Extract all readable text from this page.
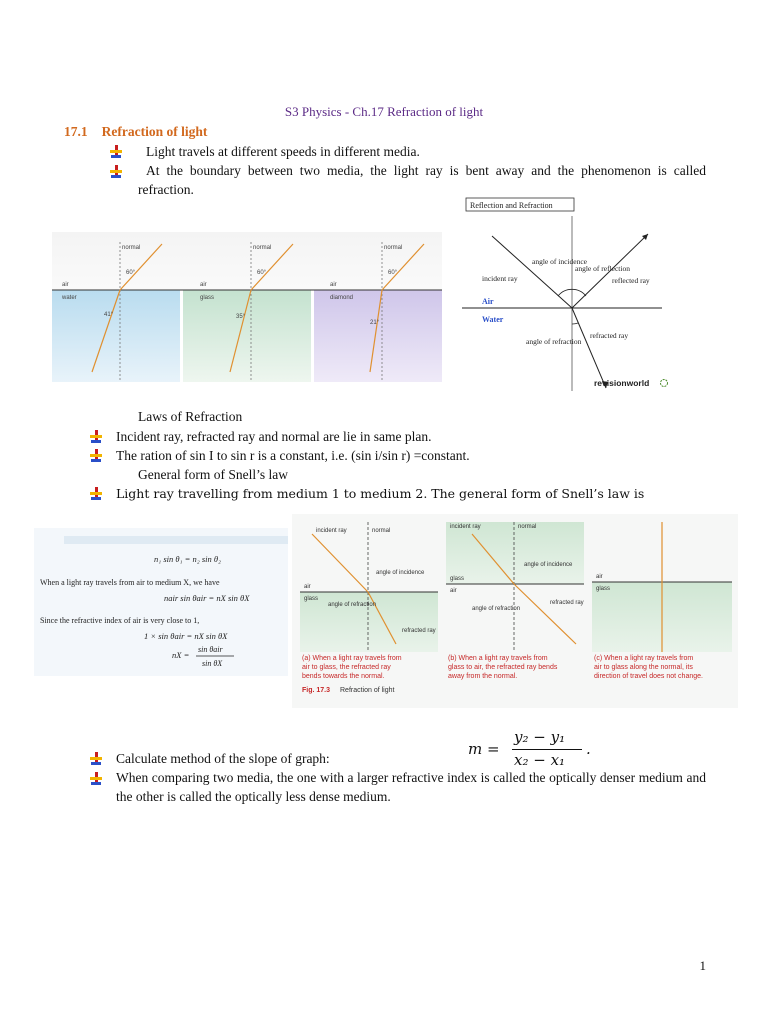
S3 Physics - Ch.17 Refraction of light
17.1 Refraction of light
Light travels at different speeds in different media.
At the boundary between two media, the light ray is bent away and the phenomenon is called refraction.
normal
60°
air
water
41°
normal
60°
air
glass
35°
normal
60°
air
diamond
21°
Reflection and Refraction
angle of incidence
angle of reflection
incident ray	reflected ray
Air
Water
refracted ray
angle of refraction
revisionworld
Laws of Refraction
Incident ray, refracted ray and normal are lie in same plan.
The ration of sin I to sin r is a constant, i.e. (sin i/sin r) =constant.
General form of Snell’s law
Light ray travelling from medium 1 to medium 2. The general form of Snell’s law is
n₁ sin θ₁ = n₂ sin θ₂
When a light ray travels from air to medium X, we have
nair sin θair = nX sin θX
Since the refractive index of air is very close to 1,
1 × sin θair = nX sin θX
nX =
sin θair
sin θX
incident ray	normal
angle of incidence
air
glass
angle of refraction
refracted ray
(a) When a light ray travels from
air to glass, the refracted ray
bends towards the normal.
incident ray	normal
angle of incidence
glass
air
angle of refraction
refracted ray
(b) When a light ray travels from
glass to air, the refracted ray bends
away from the normal.
air
glass
(c) When a light ray travels from
air to glass along the normal, its
direction of travel does not change.
Fig. 17.3 Refraction of light
m =
y₂ − y₁
x₂ − x₁
.
Calculate method of the slope of graph:
When comparing two media, the one with a larger refractive index is called the optically denser medium and the other is called the optically less dense medium.
1
